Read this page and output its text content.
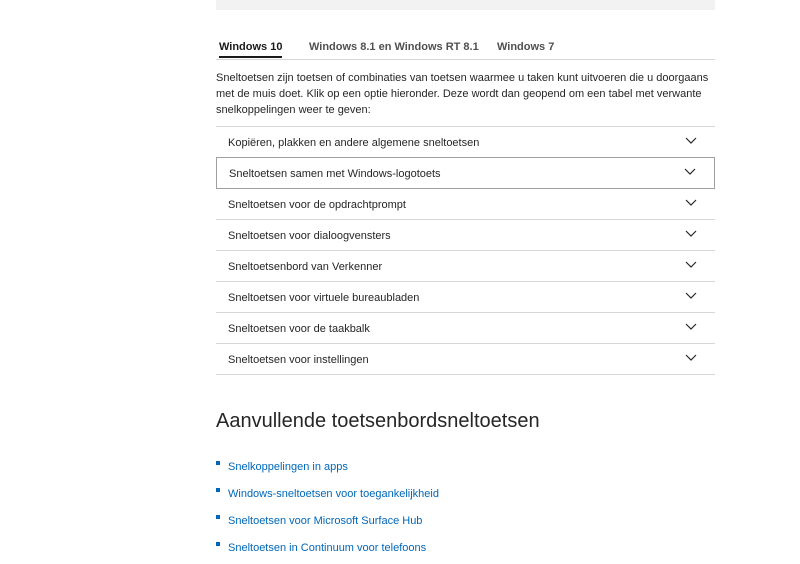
Windows 10 Windows 8.1 en Windows RT 8.1 Windows 7

Sneltoetsen zijn toetsen of combinaties van toetsen waarmee u taken kunt uitvoeren die u doorgaans met de muis doet. Klik op een optie hieronder. Deze wordt dan geopend om een tabel met verwante snelkoppelingen weer te geven:

Kopiëren, plakken en andere algemene sneltoetsen
Sneltoetsen samen met Windows-logotoets
Sneltoetsen voor de opdrachtprompt
Sneltoetsen voor dialoogvensters
Sneltoetsenbord van Verkenner
Sneltoetsen voor virtuele bureaubladen
Sneltoetsen voor de taakbalk
Sneltoetsen voor instellingen
Aanvullende toetsenbordsneltoetsen
Snelkoppelingen in apps
Windows-sneltoetsen voor toegankelijkheid
Sneltoetsen voor Microsoft Surface Hub
Sneltoetsen in Continuum voor telefoons
